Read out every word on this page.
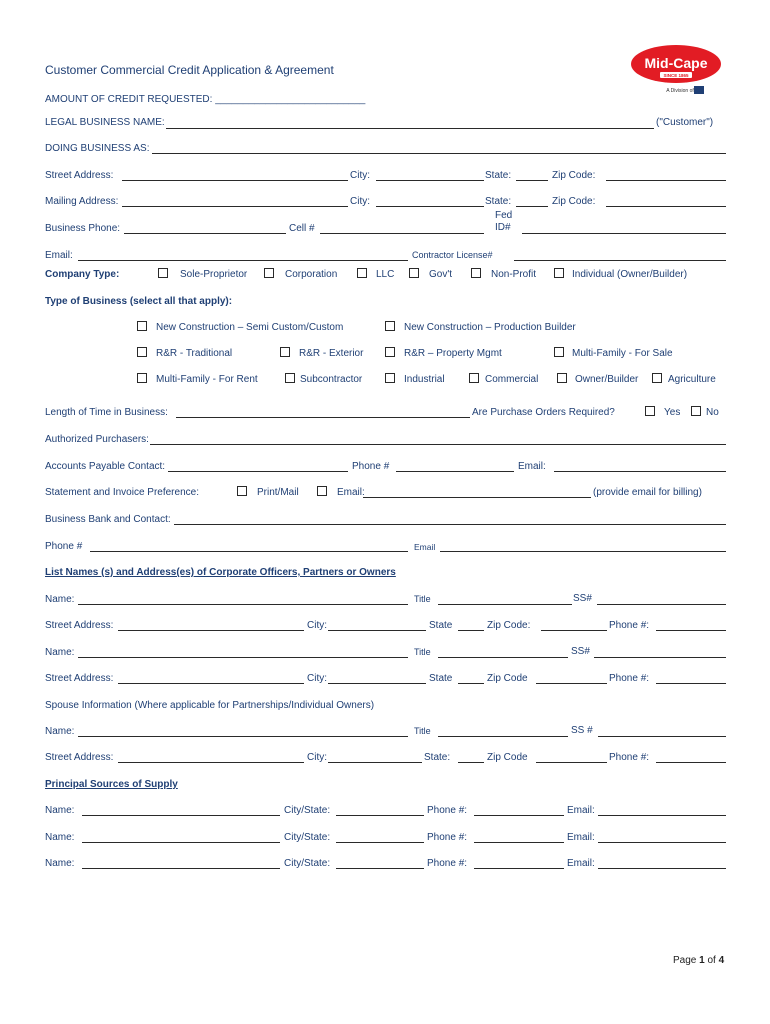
Customer Commercial Credit Application & Agreement	Mid-Cape
SINCE 1865
A Division of
AMOUNT OF CREDIT REQUESTED: ___________________________
LEGAL BUSINESS NAME:	("Customer")
DOING BUSINESS AS:
Street Address:	City:	State:	Zip Code:
Mailing Address:	City:	State:	Zip Code:
Business Phone:	Cell #
Fed
ID#
Email:	Contractor License#
Company Type:	Sole-Proprietor	Corporation	LLC	Gov't	Non-Profit	Individual (Owner/Builder)
Type of Business (select all that apply):
New Construction – Semi Custom/Custom	New Construction – Production Builder
R&R - Traditional	R&R - Exterior	R&R – Property Mgmt	Multi-Family - For Sale
Multi-Family - For Rent	Subcontractor	Industrial	Commercial	Owner/Builder	Agriculture
Length of Time in Business:	Are Purchase Orders Required?	Yes	No
Authorized Purchasers:
Accounts Payable Contact:	Phone #	Email:
Statement and Invoice Preference:	Print/Mail	Email:	(provide email for billing)
Business Bank and Contact:
Phone #	Email
List Names (s) and Address(es) of Corporate Officers, Partners or Owners
Name:	Title	SS#
Street Address:	City:	State	Zip Code:	Phone #:
Name:	Title	SS#
Street Address:	City:	State	Zip Code	Phone #:
Spouse Information (Where applicable for Partnerships/Individual Owners)
Name:	Title	SS #
Street Address:	City:	State:	Zip Code	Phone #:
Principal Sources of Supply
Name:	City/State:	Phone #:	Email:
Name:	City/State:	Phone #:	Email:
Name:	City/State:	Phone #:	Email:
Page 1 of 4
